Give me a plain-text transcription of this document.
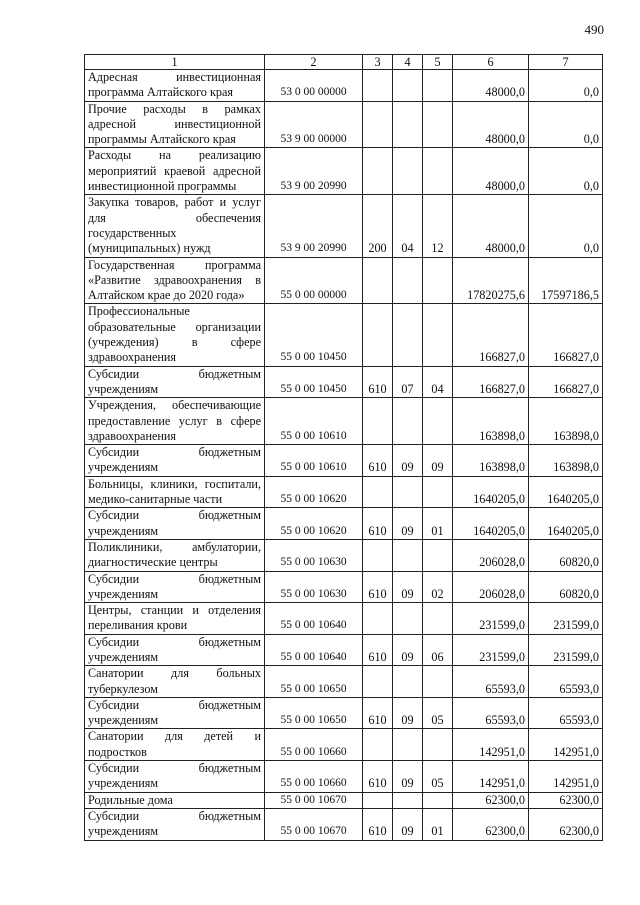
490
1	2	3	4	5	6	7
Адресная инвестиционная программа Алтайского края	53 0 00 00000				48000,0	0,0
Прочие расходы в рамках адресной инвестиционной программы Алтайского края	53 9 00 00000				48000,0	0,0
Расходы на реализацию мероприятий краевой адресной инвестиционной программы	53 9 00 20990				48000,0	0,0
Закупка товаров, работ и услуг для обеспечения государственных (муниципальных) нужд	53 9 00 20990	200	04	12	48000,0	0,0
Государственная программа «Развитие здравоохранения в Алтайском крае до 2020 года»	55 0 00 00000				17820275,6	17597186,5
Профессиональные образовательные организации (учреждения) в сфере здравоохранения	55 0 00 10450				166827,0	166827,0
Субсидии бюджетным учреждениям	55 0 00 10450	610	07	04	166827,0	166827,0
Учреждения, обеспечивающие предоставление услуг в сфере здравоохранения	55 0 00 10610				163898,0	163898,0
Субсидии бюджетным учреждениям	55 0 00 10610	610	09	09	163898,0	163898,0
Больницы, клиники, госпитали, медико-санитарные части	55 0 00 10620				1640205,0	1640205,0
Субсидии бюджетным учреждениям	55 0 00 10620	610	09	01	1640205,0	1640205,0
Поликлиники, амбулатории, диагностические центры	55 0 00 10630				206028,0	60820,0
Субсидии бюджетным учреждениям	55 0 00 10630	610	09	02	206028,0	60820,0
Центры, станции и отделения переливания крови	55 0 00 10640				231599,0	231599,0
Субсидии бюджетным учреждениям	55 0 00 10640	610	09	06	231599,0	231599,0
Санатории для больных туберкулезом	55 0 00 10650				65593,0	65593,0
Субсидии бюджетным учреждениям	55 0 00 10650	610	09	05	65593,0	65593,0
Санатории для детей и подростков	55 0 00 10660				142951,0	142951,0
Субсидии бюджетным учреждениям	55 0 00 10660	610	09	05	142951,0	142951,0
Родильные дома	55 0 00 10670				62300,0	62300,0
Субсидии бюджетным учреждениям	55 0 00 10670	610	09	01	62300,0	62300,0
